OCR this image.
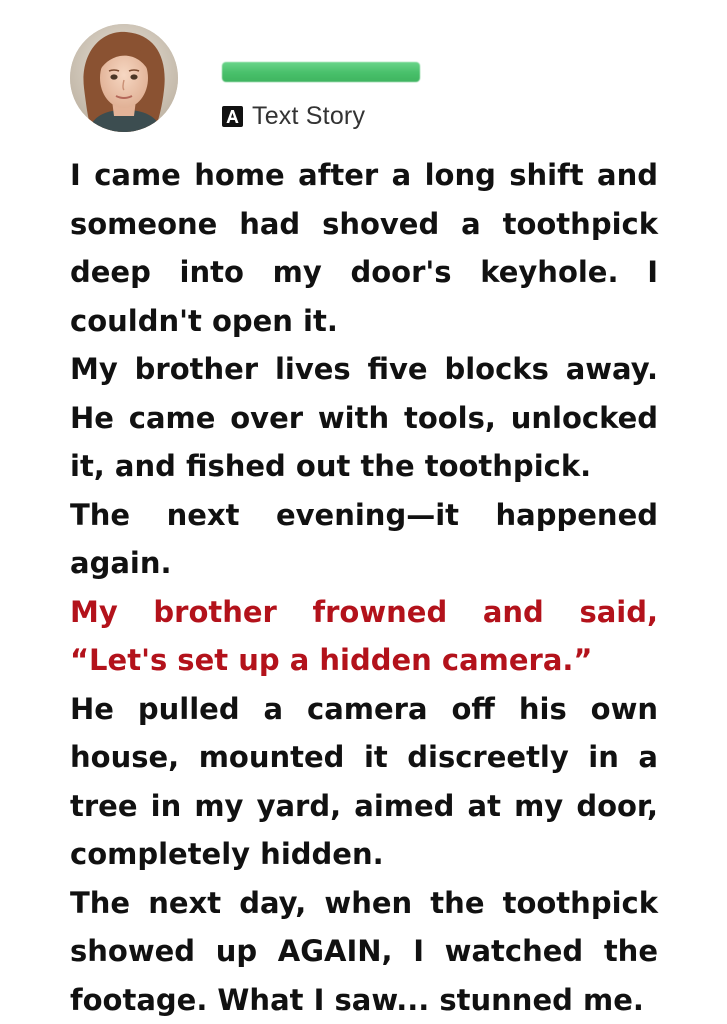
Text Story

I came home after a long shift and someone had shoved a toothpick deep into my door's keyhole. I couldn't open it.

My brother lives five blocks away. He came over with tools, unlocked it, and fished out the toothpick.

The next evening—it happened again.

My brother frowned and said, “Let's set up a hidden camera.”

He pulled a camera off his own house, mounted it discreetly in a tree in my yard, aimed at my door, completely hidden.

The next day, when the toothpick showed up AGAIN, I watched the footage. What I saw... stunned me.
